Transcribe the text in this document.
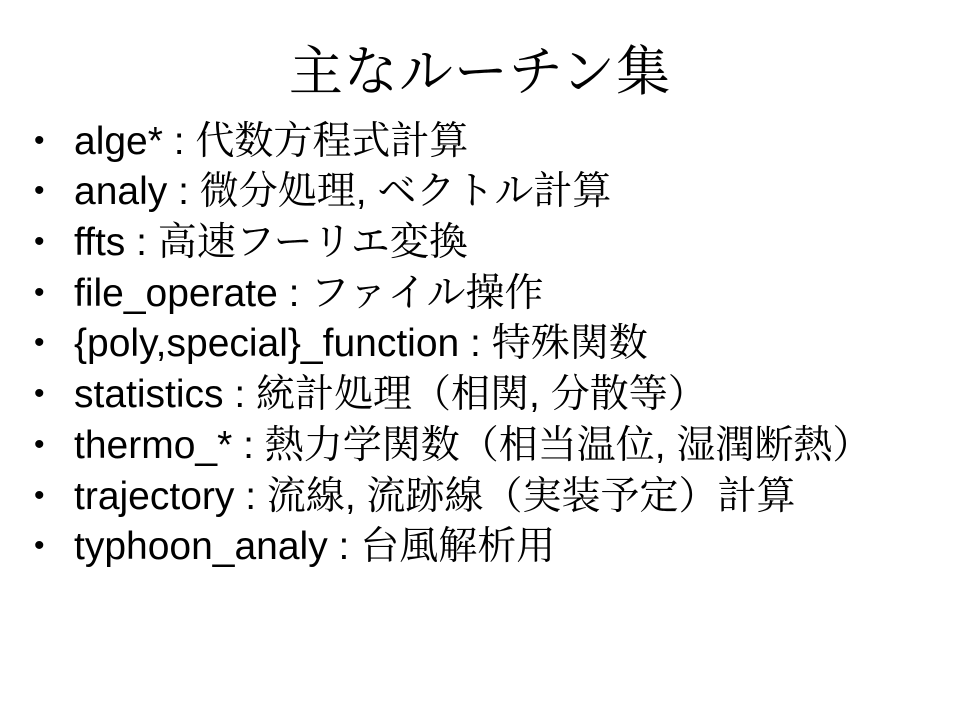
主なルーチン集
• alge* : 代数方程式計算
• analy : 微分処理, ベクトル計算
• ffts : 高速フーリエ変換
• file_operate : ファイル操作
• {poly,special}_function : 特殊関数
• statistics : 統計処理（相関, 分散等）
• thermo_* : 熱力学関数（相当温位, 湿潤断熱）
• trajectory : 流線, 流跡線（実装予定）計算
• typhoon_analy : 台風解析用
